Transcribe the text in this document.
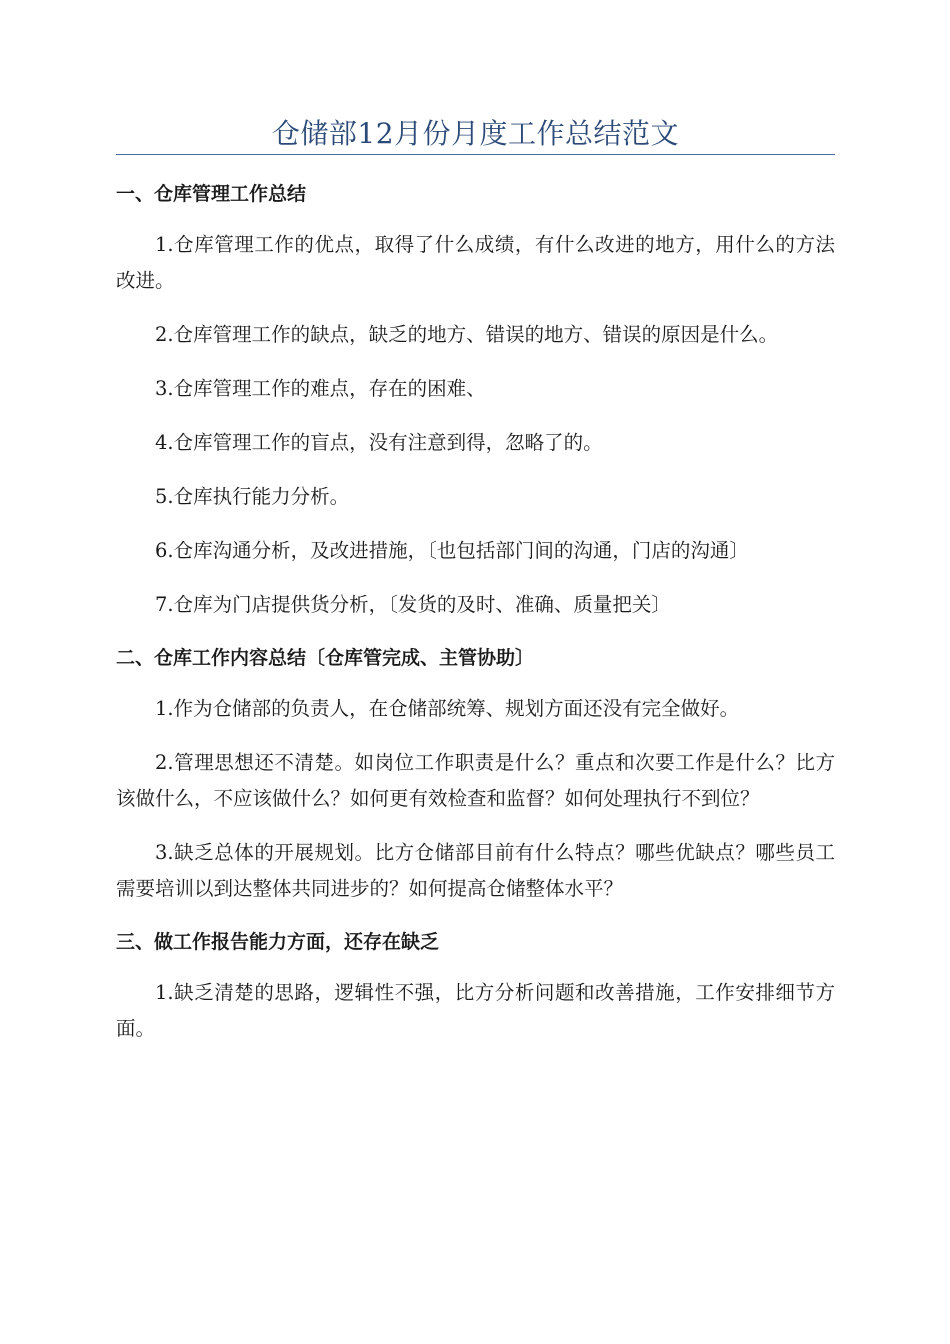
仓储部12月份月度工作总结范文

一、仓库管理工作总结

1.仓库管理工作的优点，取得了什么成绩，有什么改进的地方，用什么的方法改进。

2.仓库管理工作的缺点，缺乏的地方、错误的地方、错误的原因是什么。

3.仓库管理工作的难点，存在的困难、

4.仓库管理工作的盲点，没有注意到得，忽略了的。

5.仓库执行能力分析。

6.仓库沟通分析，及改进措施，〔也包括部门间的沟通，门店的沟通〕

7.仓库为门店提供货分析，〔发货的及时、准确、质量把关〕

二、仓库工作内容总结〔仓库管完成、主管协助〕

1.作为仓储部的负责人，在仓储部统筹、规划方面还没有完全做好。

2.管理思想还不清楚。如岗位工作职责是什么？重点和次要工作是什么？比方该做什么，不应该做什么？如何更有效检查和监督？如何处理执行不到位？

3.缺乏总体的开展规划。比方仓储部目前有什么特点？哪些优缺点？哪些员工需要培训以到达整体共同进步的？如何提高仓储整体水平？

三、做工作报告能力方面，还存在缺乏

1.缺乏清楚的思路，逻辑性不强，比方分析问题和改善措施，工作安排细节方面。
